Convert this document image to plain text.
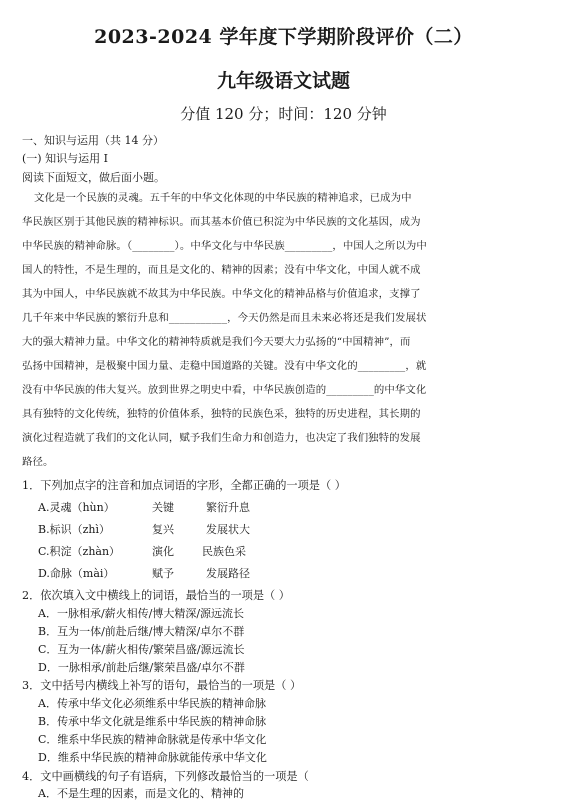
2023-2024 学年度下学期阶段评价（二）
九年级语文试题
分值 120 分；时间：120 分钟
一、知识与运用（共 14 分）
(一) 知识与运用 I
阅读下面短文，做后面小题。
文化是一个民族的灵魂。五千年的中华文化体现的中华民族的精神追求，已成为中
华民族区别于其他民族的精神标识。而其基本价值已积淀为中华民族的文化基因，成为
中华民族的精神命脉。（________）。中华文化与中华民族_________，中国人之所以为中
国人的特性，不是生理的，而且是文化的、精神的因素；没有中华文化，中国人就不成
其为中国人，中华民族就不故其为中华民族。中华文化的精神品格与价值追求，支撑了
几千年来中华民族的繁衍升息和___________，今天仍然是而且未来必将还是我们发展状
大的强大精神力量。中华文化的精神特质就是我们今天要大力弘扬的“中国精神”，而
弘扬中国精神，是极聚中国力量、走稳中国道路的关键。没有中华文化的_________，就
没有中华民族的伟大复兴。放到世界之明史中看，中华民族创造的_________的中华文化
具有独特的文化传统，独特的价值体系，独特的民族色采，独特的历史进程，其长期的
演化过程造就了我们的文化认同，赋予我们生命力和创造力，也决定了我们独特的发展
路径。
1．下列加点字的注音和加点词语的字形，全都正确的一项是（ ）
A.灵魂（hùn）	关键	繁衍升息
B.标识（zhì）	复兴	发展状大
C.积淀（zhàn）	演化	民族色采
D.命脉（mài）	赋予	发展路径
2．依次填入文中横线上的词语，最恰当的一项是（ ）
A．一脉相承/薪火相传/博大精深/源远流长
B．互为一体/前赴后继/博大精深/卓尔不群
C．互为一体/薪火相传/繁荣昌盛/源远流长
D．一脉相承/前赴后继/繁荣昌盛/卓尔不群
3．文中括号内横线上补写的语句，最恰当的一项是（ ）
A．传承中华文化必须维系中华民族的精神命脉
B．传承中华文化就是维系中华民族的精神命脉
C．维系中华民族的精神命脉就是传承中华文化
D．维系中华民族的精神命脉就能传承中华文化
4．文中画横线的句子有语病，下列修改最恰当的一项是（
A．不是生理的因素，而是文化的、精神的
